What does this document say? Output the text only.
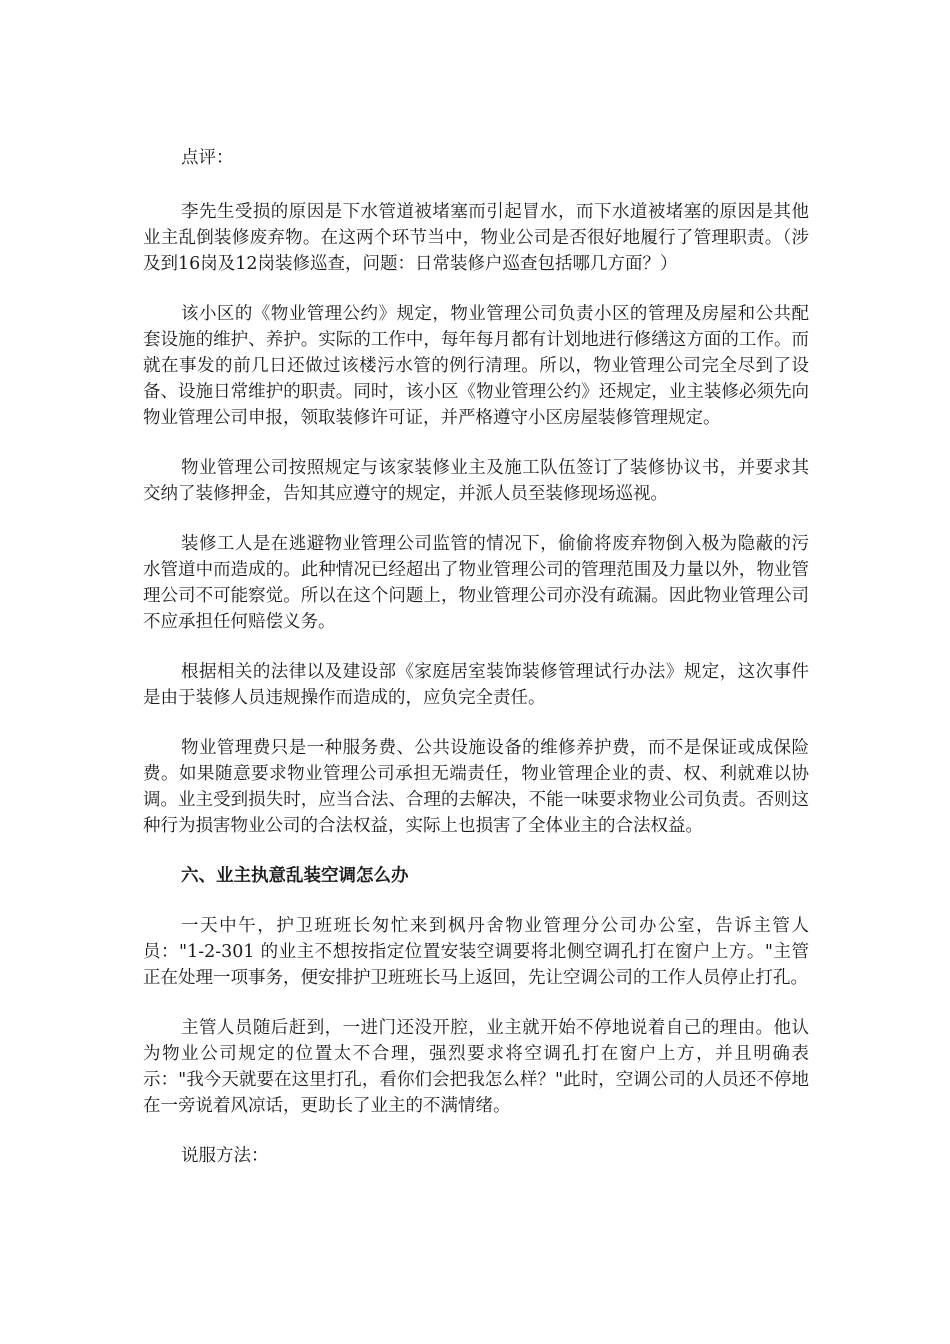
点评：

李先生受损的原因是下水管道被堵塞而引起冒水，而下水道被堵塞的原因是其他业主乱倒装修废弃物。在这两个环节当中，物业公司是否很好地履行了管理职责。（涉及到16岗及12岗装修巡查，问题：日常装修户巡查包括哪几方面？）

该小区的《物业管理公约》规定，物业管理公司负责小区的管理及房屋和公共配套设施的维护、养护。实际的工作中，每年每月都有计划地进行修缮这方面的工作。而就在事发的前几日还做过该楼污水管的例行清理。所以，物业管理公司完全尽到了设备、设施日常维护的职责。同时，该小区《物业管理公约》还规定，业主装修必须先向物业管理公司申报，领取装修许可证，并严格遵守小区房屋装修管理规定。

物业管理公司按照规定与该家装修业主及施工队伍签订了装修协议书，并要求其交纳了装修押金，告知其应遵守的规定，并派人员至装修现场巡视。

装修工人是在逃避物业管理公司监管的情况下，偷偷将废弃物倒入极为隐蔽的污水管道中而造成的。此种情况已经超出了物业管理公司的管理范围及力量以外，物业管理公司不可能察觉。所以在这个问题上，物业管理公司亦没有疏漏。因此物业管理公司不应承担任何赔偿义务。

根据相关的法律以及建设部《家庭居室装饰装修管理试行办法》规定，这次事件是由于装修人员违规操作而造成的，应负完全责任。

物业管理费只是一种服务费、公共设施设备的维修养护费，而不是保证或成保险费。如果随意要求物业管理公司承担无端责任，物业管理企业的责、权、利就难以协调。业主受到损失时，应当合法、合理的去解决，不能一味要求物业公司负责。否则这种行为损害物业公司的合法权益，实际上也损害了全体业主的合法权益。

六、业主执意乱装空调怎么办

一天中午，护卫班班长匆忙来到枫丹舍物业管理分公司办公室，告诉主管人员："1-2-301 的业主不想按指定位置安装空调要将北侧空调孔打在窗户上方。"主管正在处理一项事务，便安排护卫班班长马上返回，先让空调公司的工作人员停止打孔。

主管人员随后赶到，一进门还没开腔，业主就开始不停地说着自己的理由。他认为物业公司规定的位置太不合理，强烈要求将空调孔打在窗户上方，并且明确表示："我今天就要在这里打孔，看你们会把我怎么样？"此时，空调公司的人员还不停地在一旁说着风凉话，更助长了业主的不满情绪。

说服方法：
